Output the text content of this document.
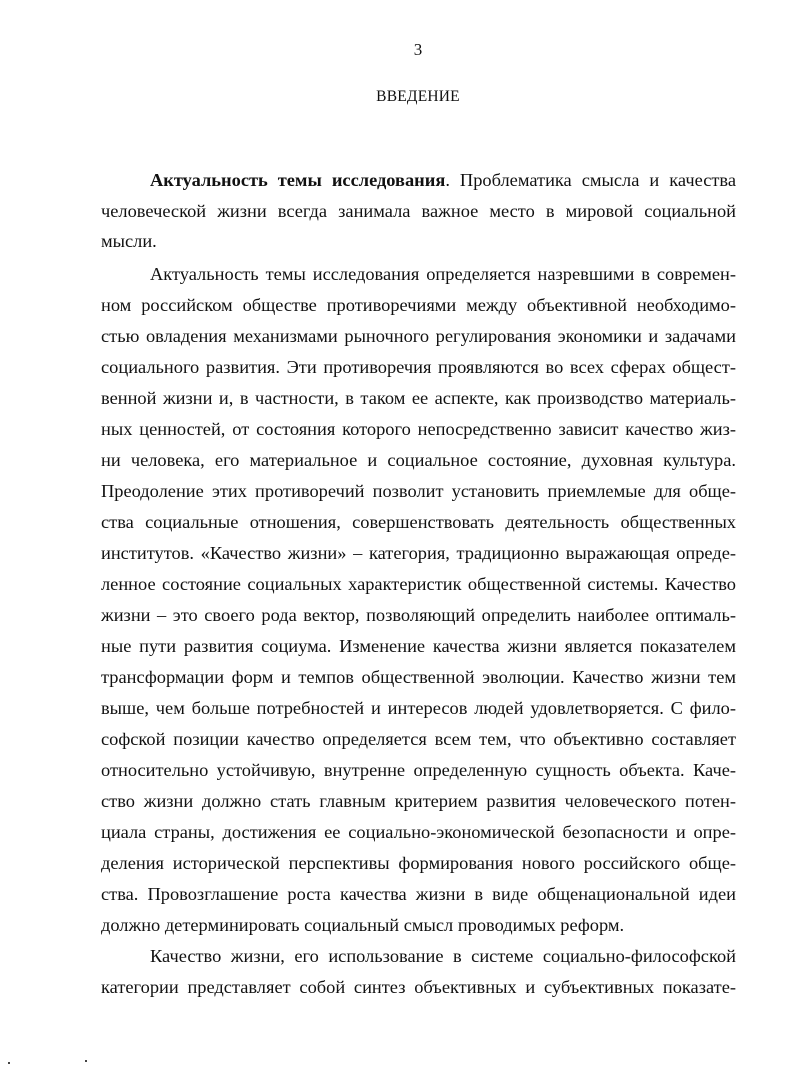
3
ВВЕДЕНИЕ
Актуальность темы исследования. Проблематика смысла и качества
человеческой жизни всегда занимала важное место в мировой социальной
мысли.
Актуальность темы исследования определяется назревшими в современ-
ном российском обществе противоречиями между объективной необходимо-
стью овладения механизмами рыночного регулирования экономики и задачами
социального развития. Эти противоречия проявляются во всех сферах общест-
венной жизни и, в частности, в таком ее аспекте, как производство материаль-
ных ценностей, от состояния которого непосредственно зависит качество жиз-
ни человека, его материальное и социальное состояние, духовная культура.
Преодоление этих противоречий позволит установить приемлемые для обще-
ства социальные отношения, совершенствовать деятельность общественных
институтов. «Качество жизни» – категория, традиционно выражающая опреде-
ленное состояние социальных характеристик общественной системы. Качество
жизни – это своего рода вектор, позволяющий определить наиболее оптималь-
ные пути развития социума. Изменение качества жизни является показателем
трансформации форм и темпов общественной эволюции. Качество жизни тем
выше, чем больше потребностей и интересов людей удовлетворяется. С фило-
софской позиции качество определяется всем тем, что объективно составляет
относительно устойчивую, внутренне определенную сущность объекта. Каче-
ство жизни должно стать главным критерием развития человеческого потен-
циала страны, достижения ее социально-экономической безопасности и опре-
деления исторической перспективы формирования нового российского обще-
ства. Провозглашение роста качества жизни в виде общенациональной идеи
должно детерминировать социальный смысл проводимых реформ.
Качество жизни, его использование в системе социально-философской
категории представляет собой синтез объективных и субъективных показате-
